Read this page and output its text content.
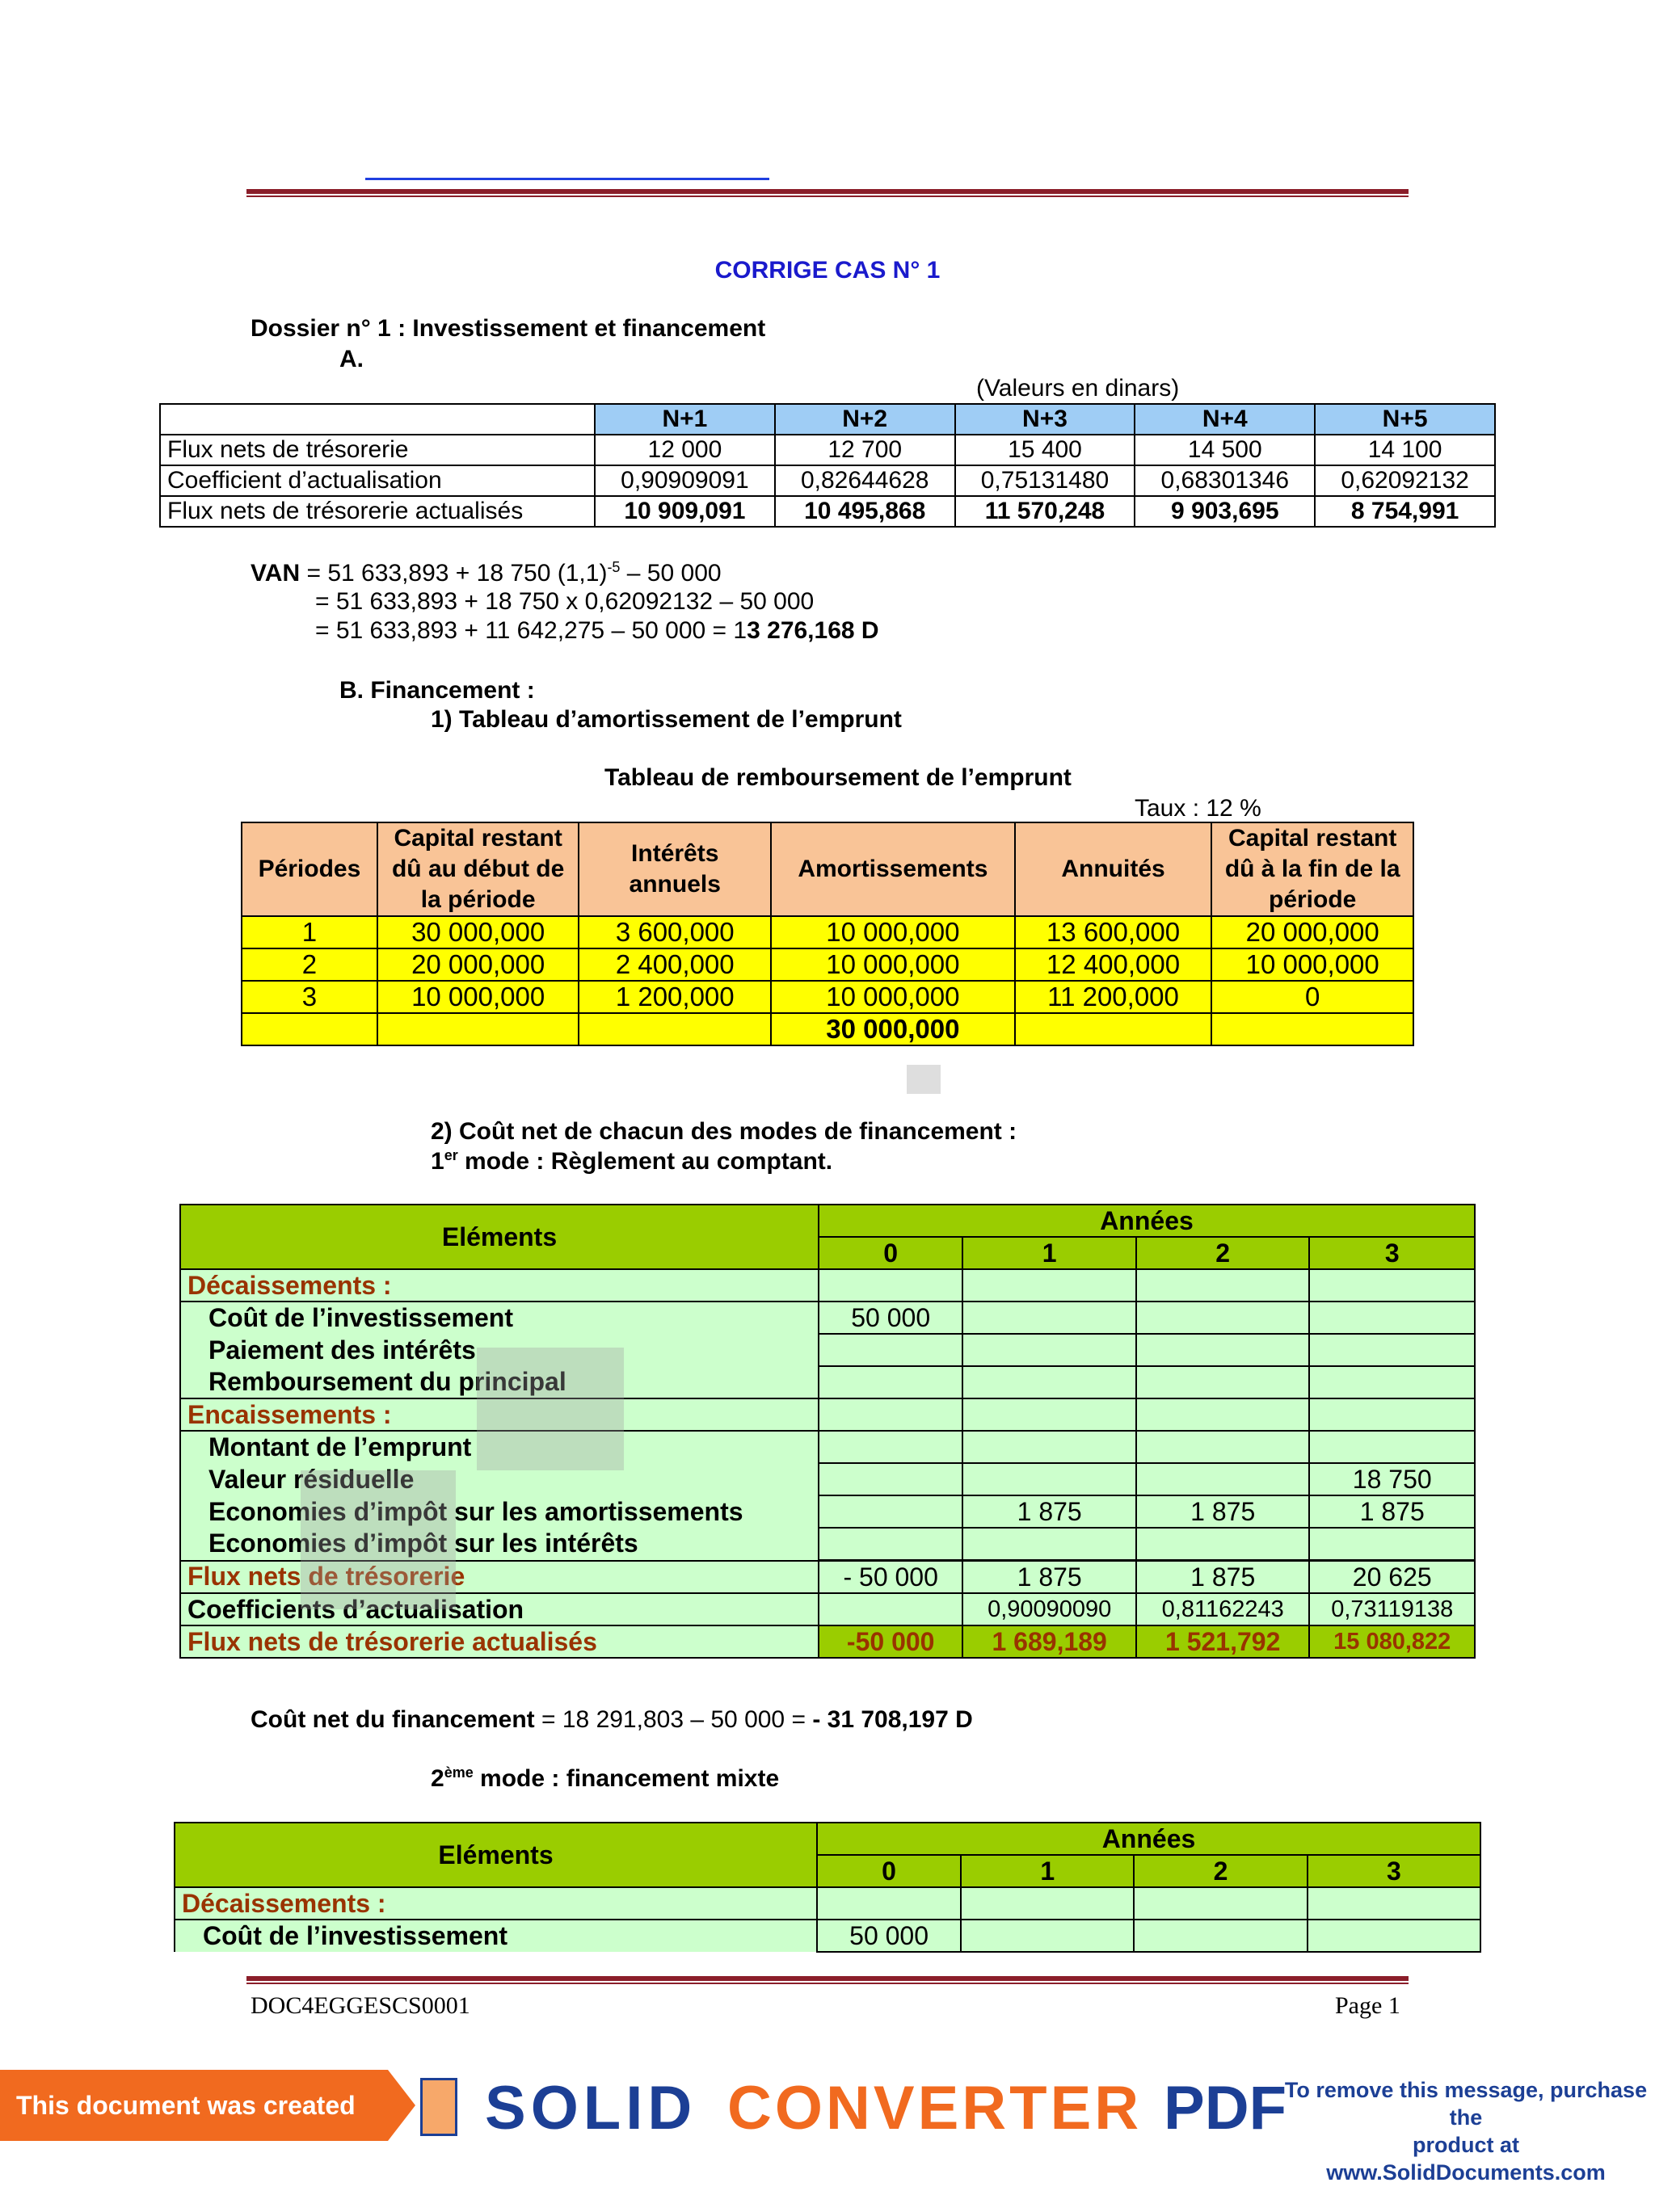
CORRIGE CAS N° 1
Dossier n° 1 : Investissement et financement
A.
(Valeurs en dinars)
	N+1	N+2	N+3	N+4	N+5
Flux nets de trésorerie	12 000	12 700	15 400	14 500	14 100
Coefficient d’actualisation	0,90909091	0,82644628	0,75131480	0,68301346	0,62092132
Flux nets de trésorerie actualisés	10 909,091	10 495,868	11 570,248	9 903,695	8 754,991
VAN = 51 633,893 + 18 750 $(1,1)^{-5} - 50$ 000
= 51 633,893 + 18 750 x 0,62092132 – 50 000
= 51 633,893 + 11 642,275 – 50 000 = 13 276,168 D
B. Financement :
1) Tableau d’amortissement de l’emprunt
Tableau de remboursement de l’emprunt
Taux : 12 %
Périodes	Capital restant dû au début de la période	Intérêts annuels	Amortissements	Annuités	Capital restant dû à la fin de la période
1	30 000,000	3 600,000	10 000,000	13 600,000	20 000,000
2	20 000,000	2 400,000	10 000,000	12 400,000	10 000,000
3	10 000,000	1 200,000	10 000,000	11 200,000	0
			30 000,000		
2) Coût net de chacun des modes de financement :
1er mode : Règlement au comptant.
Eléments	Années			
	0	1	2	3
Décaissements :				
Coût de l’investissement	50 000			
Paiement des intérêts				
Remboursement du principal				
Encaissements :				
Montant de l’emprunt				
Valeur résiduelle				18 750
Economies d’impôt sur les amortissements		1 875	1 875	1 875
Economies d’impôt sur les intérêts				
Flux nets de trésorerie	- 50 000	1 875	1 875	20 625
Coefficients d’actualisation		0,90090090	0,81162243	0,73119138
Flux nets de trésorerie actualisés	-50 000	1 689,189	1 521,792	15 080,822
Coût net du financement = 18 291,803 – 50 000 = - 31 708,197 D
2ème mode : financement mixte
Eléments	Années			
	0	1	2	3
Décaissements :				
Coût de l’investissement	50 000			
DOC4EGGESCS0001	Page 1
This document was created using
SOLID CONVERTER PDF
To remove this message, purchase the
product at www.SolidDocuments.com
